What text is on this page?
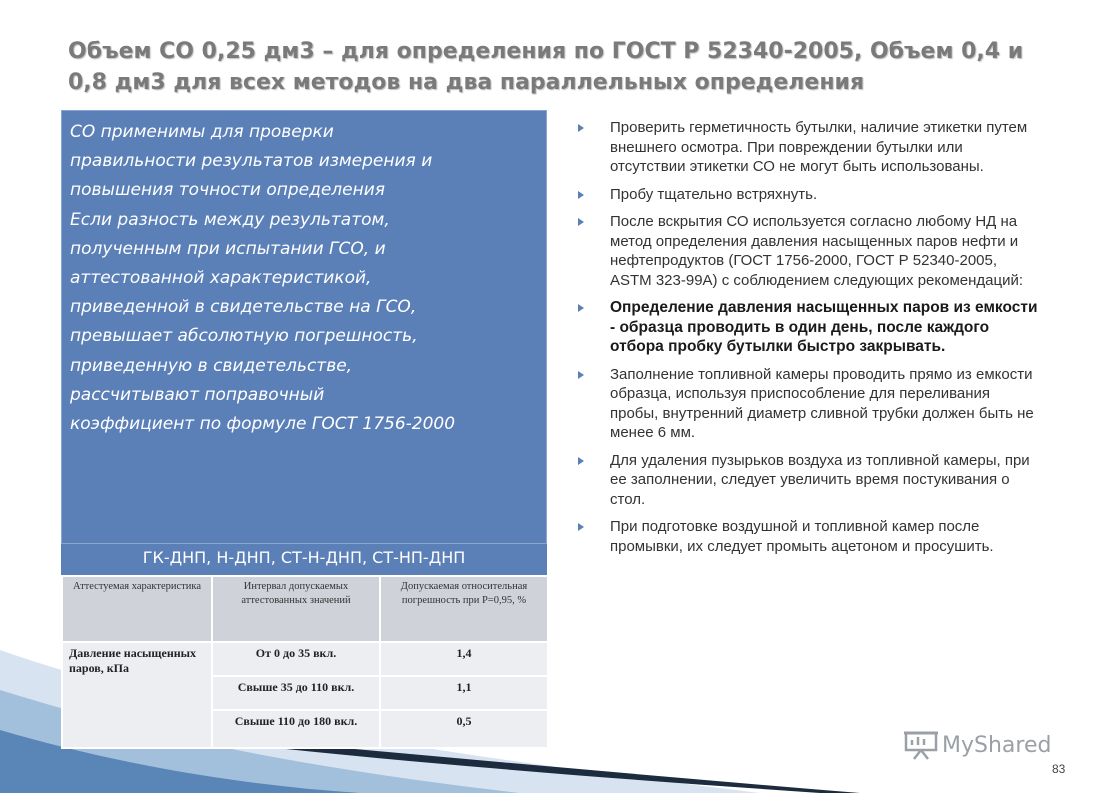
Объем СО 0,25 дм3 – для определения по ГОСТ Р 52340-2005, Объем 0,4 и 0,8 дм3 для всех методов на два параллельных определения
СО применимы для проверки
правильности результатов измерения и
повышения точности определения
Если разность между результатом,
полученным при испытании ГСО, и
аттестованной характеристикой,
приведенной в свидетельстве на ГСО,
превышает абсолютную погрешность,
приведенную в свидетельстве,
рассчитывают поправочный
коэффициент по формуле ГОСТ 1756-2000
ГК-ДНП, Н-ДНП, СТ-Н-ДНП, СТ-НП-ДНП
Аттестуемая характеристика	Интервал допускаемых аттестованных значений	Допускаемая относительная погрешность при Р=0,95, %
Давление насыщенных паров, кПа	От 0 до 35 вкл.	1,4
	Свыше 35 до 110 вкл.	1,1
	Свыше 110 до 180 вкл.	0,5
Проверить герметичность бутылки, наличие этикетки путем внешнего осмотра. При повреждении бутылки или отсутствии этикетки СО не могут быть использованы.
Пробу тщательно встряхнуть.
После вскрытия СО используется согласно любому НД на метод определения давления насыщенных паров нефти и нефтепродуктов (ГОСТ 1756-2000, ГОСТ Р 52340-2005, ASTM 323-99A) с соблюдением следующих рекомендаций:
Определение давления насыщенных паров из емкости - образца проводить в один день, после каждого отбора пробку бутылки быстро закрывать.
Заполнение топливной камеры проводить прямо из емкости образца, используя приспособление для переливания пробы, внутренний диаметр сливной трубки должен быть не менее 6 мм.
Для удаления пузырьков воздуха из топливной камеры, при ее заполнении, следует увеличить время постукивания о стол.
При подготовке воздушной и топливной камер после промывки, их следует промыть ацетоном и просушить.
MyShared
83
